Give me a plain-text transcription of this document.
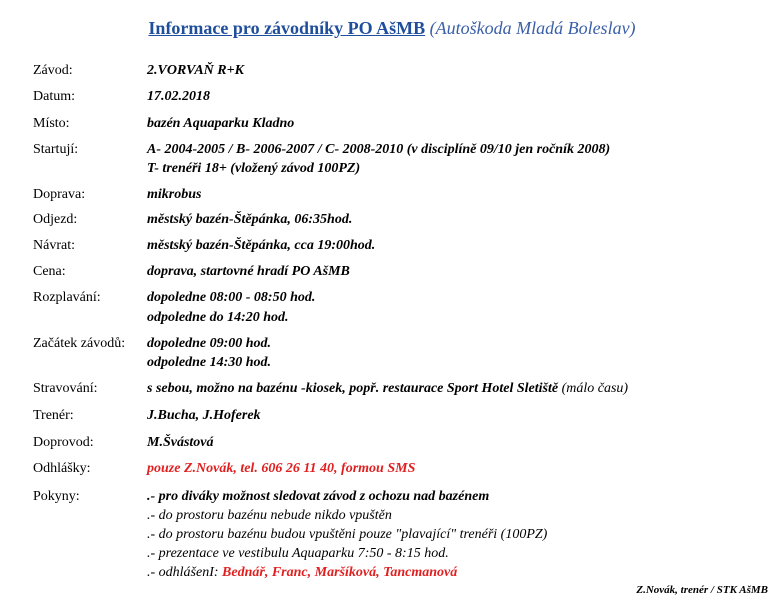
Informace pro závodníky PO AšMB (Autoškoda Mladá Boleslav)
Závod:	2.VORVAŇ R+K
Datum:	17.02.2018
Místo:	bazén Aquaparku Kladno
Startují:	A- 2004-2005 / B- 2006-2007 / C- 2008-2010 (v disciplíně 09/10 jen ročník 2008)
T- trenéři 18+ (vložený závod 100PZ)
Doprava:	mikrobus
Odjezd:	městský bazén-Štěpánka, 06:35hod.
Návrat:	městský bazén-Štěpánka, cca 19:00hod.
Cena:	doprava, startovné hradí PO AšMB
Rozplavání:	dopoledne 08:00 - 08:50 hod.
odpoledne do 14:20 hod.
Začátek závodů: dopoledne 09:00 hod.
odpoledne 14:30 hod.
Stravování:	s sebou, možno na bazénu -kiosek, popř. restaurace Sport Hotel Sletiště (málo času)
Trenér:	J.Bucha, J.Hoferek
Doprovod:	M.Švástová
Odhlášky:	pouze Z.Novák, tel. 606 26 11 40, formou SMS
Pokyny:	.- pro diváky možnost sledovat závod z ochozu nad bazénem
.- do prostoru bazénu nebude nikdo vpuštěn
.- do prostoru bazénu budou vpuštěni pouze "plavající" trenéři (100PZ)
.- prezentace ve vestibulu Aquaparku 7:50 - 8:15 hod.
.- odhlášenI: Bednář, Franc, Maršíková, Tancmanová
Z.Novák, trenér / STK AšMB
